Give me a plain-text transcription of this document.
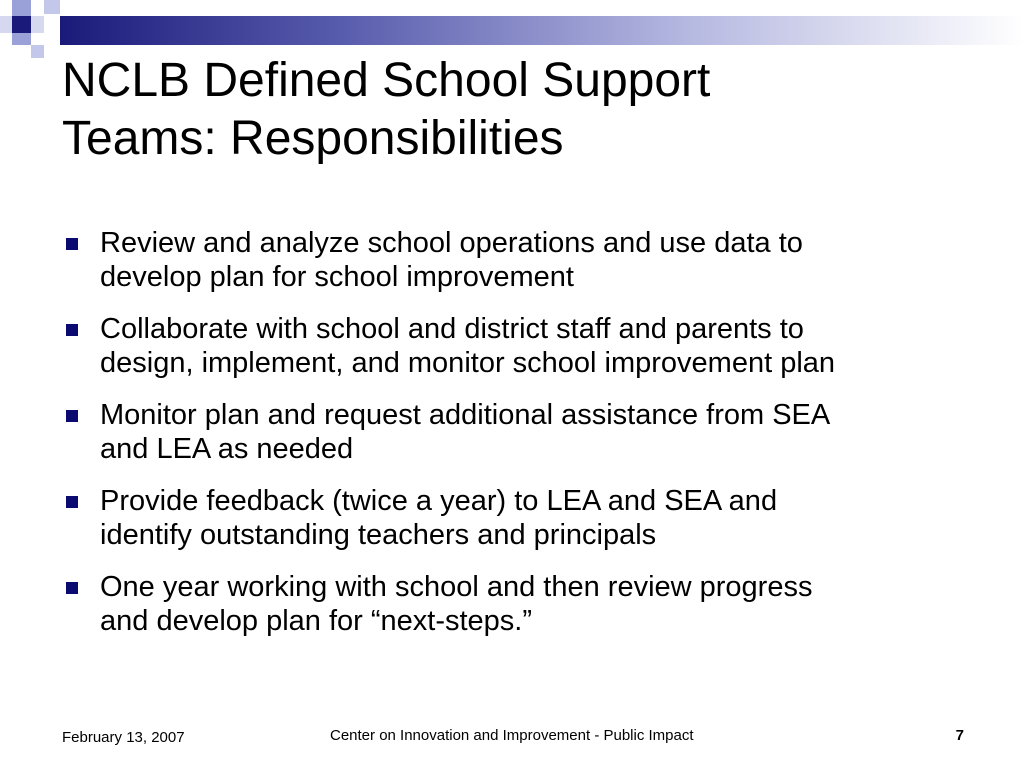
NCLB Defined School Support
Teams: Responsibilities
Review and analyze school operations and use data to
develop plan for school improvement
Collaborate with school and district staff and parents to
design, implement, and monitor school improvement plan
Monitor plan and request additional assistance from SEA
and LEA as needed
Provide feedback (twice a year) to LEA and SEA and
identify outstanding teachers and principals
One year working with school and then review progress
and develop plan for “next-steps.”
February 13, 2007	Center on Innovation and Improvement - Public Impact	7
